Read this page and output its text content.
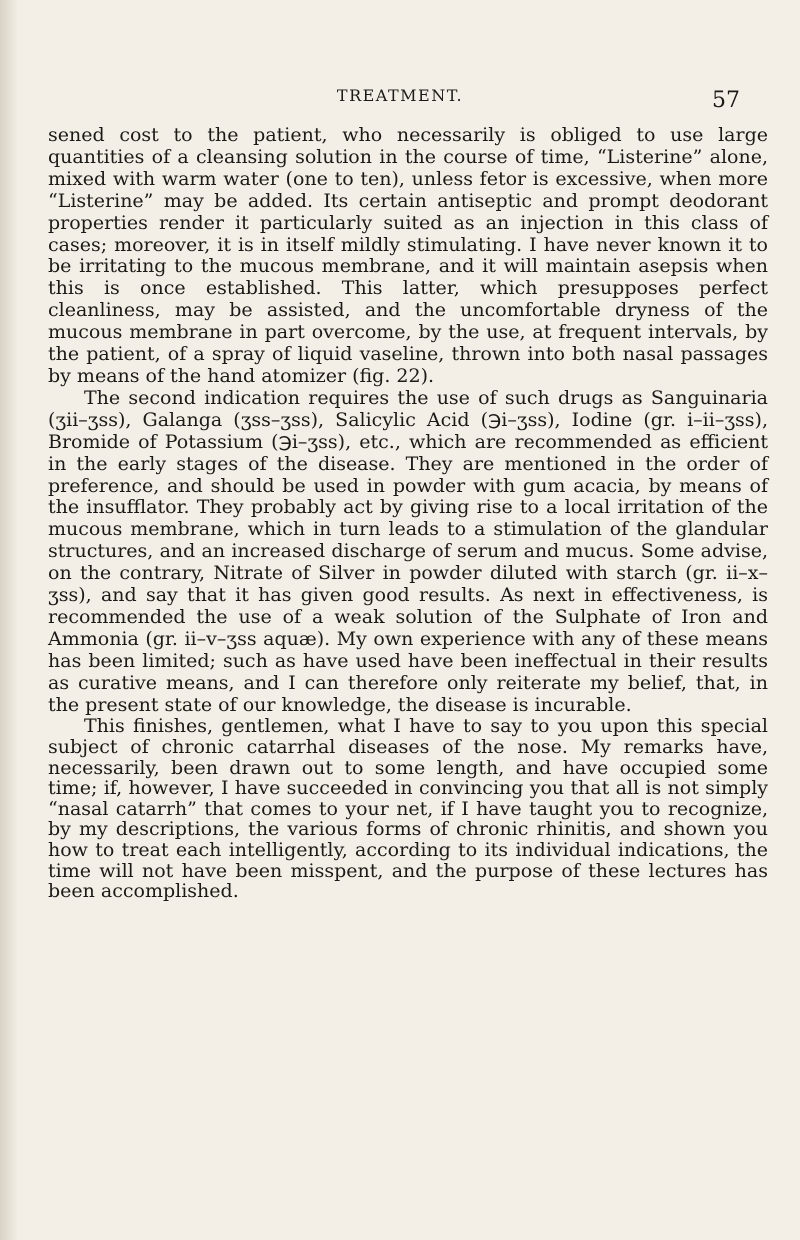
TREATMENT.	57

sened cost to the patient, who necessarily is obliged to use large quantities of a cleansing solution in the course of time, “Listerine” alone, mixed with warm water (one to ten), unless fetor is excessive, when more “Listerine” may be added. Its certain antiseptic and prompt deodorant properties render it particularly suited as an injection in this class of cases; moreover, it is in itself mildly stimulating. I have never known it to be irritating to the mucous membrane, and it will maintain asepsis when this is once established. This latter, which presupposes perfect cleanliness, may be assisted, and the uncomfortable dryness of the mucous membrane in part overcome, by the use, at frequent intervals, by the patient, of a spray of liquid vaseline, thrown into both nasal passages by means of the hand atomizer (fig. 22).

The second indication requires the use of such drugs as Sanguinaria (ʒii–ʒss), Galanga (ʒss–ʒss), Salicylic Acid (℈i–ʒss), Iodine (gr. i–ii–ʒss), Bromide of Potassium (℈i–ʒss), etc., which are recommended as efficient in the early stages of the disease. They are mentioned in the order of preference, and should be used in powder with gum acacia, by means of the insufflator. They probably act by giving rise to a local irritation of the mucous membrane, which in turn leads to a stimulation of the glandular structures, and an increased discharge of serum and mucus. Some advise, on the contrary, Nitrate of Silver in powder diluted with starch (gr. ii–x–ʒss), and say that it has given good results. As next in effectiveness, is recommended the use of a weak solution of the Sulphate of Iron and Ammonia (gr. ii–v–ʒss aquæ). My own experience with any of these means has been limited; such as have used have been ineffectual in their results as curative means, and I can therefore only reiterate my belief, that, in the present state of our knowledge, the disease is incurable.

This finishes, gentlemen, what I have to say to you upon this special subject of chronic catarrhal diseases of the nose. My remarks have, necessarily, been drawn out to some length, and have occupied some time; if, however, I have succeeded in convincing you that all is not simply “nasal catarrh” that comes to your net, if I have taught you to recognize, by my descriptions, the various forms of chronic rhinitis, and shown you how to treat each intelligently, according to its individual indications, the time will not have been misspent, and the purpose of these lectures has been accomplished.
